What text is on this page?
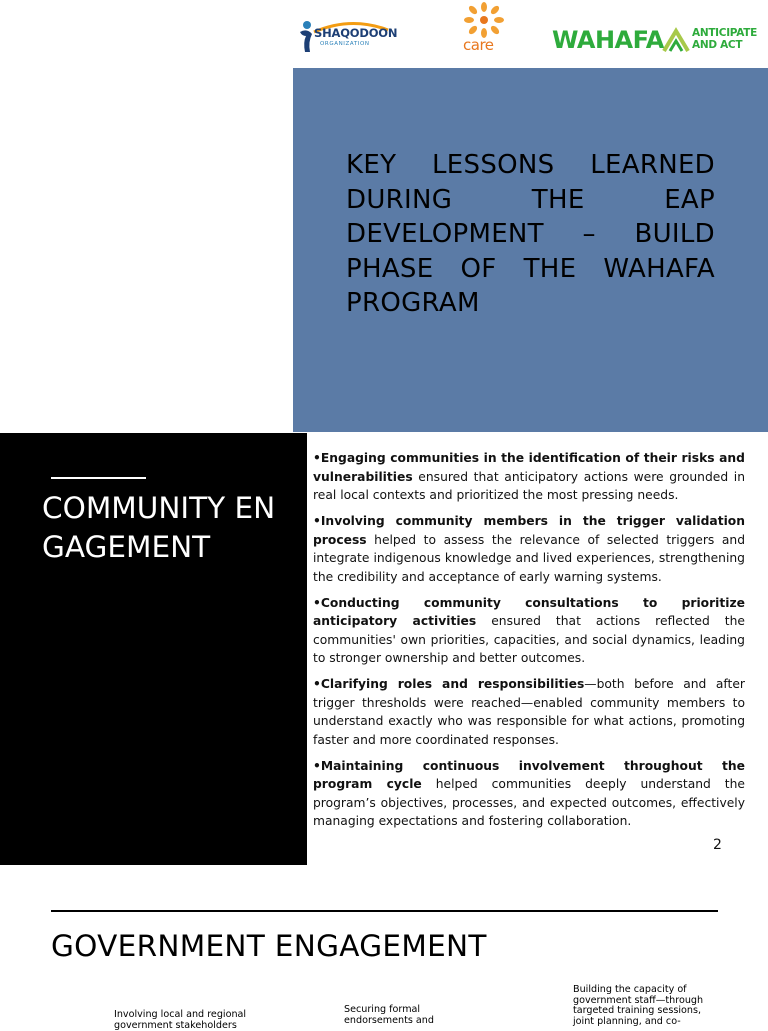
SHAQODOON
ORGANIZATION	care WAHAFA	ANTICIPATE
AND ACT
KEY LESSONS LEARNED DURING THE EAP DEVELOPMENT – BUILD PHASE OF THE WAHAFA PROGRAM
COMMUNITY ENGAGEMENT

•Engaging communities in the identification of their risks and vulnerabilities ensured that anticipatory actions were grounded in real local contexts and prioritized the most pressing needs.

•Involving community members in the trigger validation process helped to assess the relevance of selected triggers and integrate indigenous knowledge and lived experiences, strengthening the credibility and acceptance of early warning systems.

•Conducting community consultations to prioritize anticipatory activities ensured that actions reflected the communities' own priorities, capacities, and social dynamics, leading to stronger ownership and better outcomes.

•Clarifying roles and responsibilities—both before and after trigger thresholds were reached—enabled community members to understand exactly who was responsible for what actions, promoting faster and more coordinated responses.

•Maintaining continuous involvement throughout the program cycle helped communities deeply understand the program’s objectives, processes, and expected outcomes, effectively managing expectations and fostering collaboration.

2
GOVERNMENT ENGAGEMENT
Involving local and regional government stakeholders
Securing formal endorsements and
Building the capacity of government staff—through targeted training sessions, joint planning, and co-
